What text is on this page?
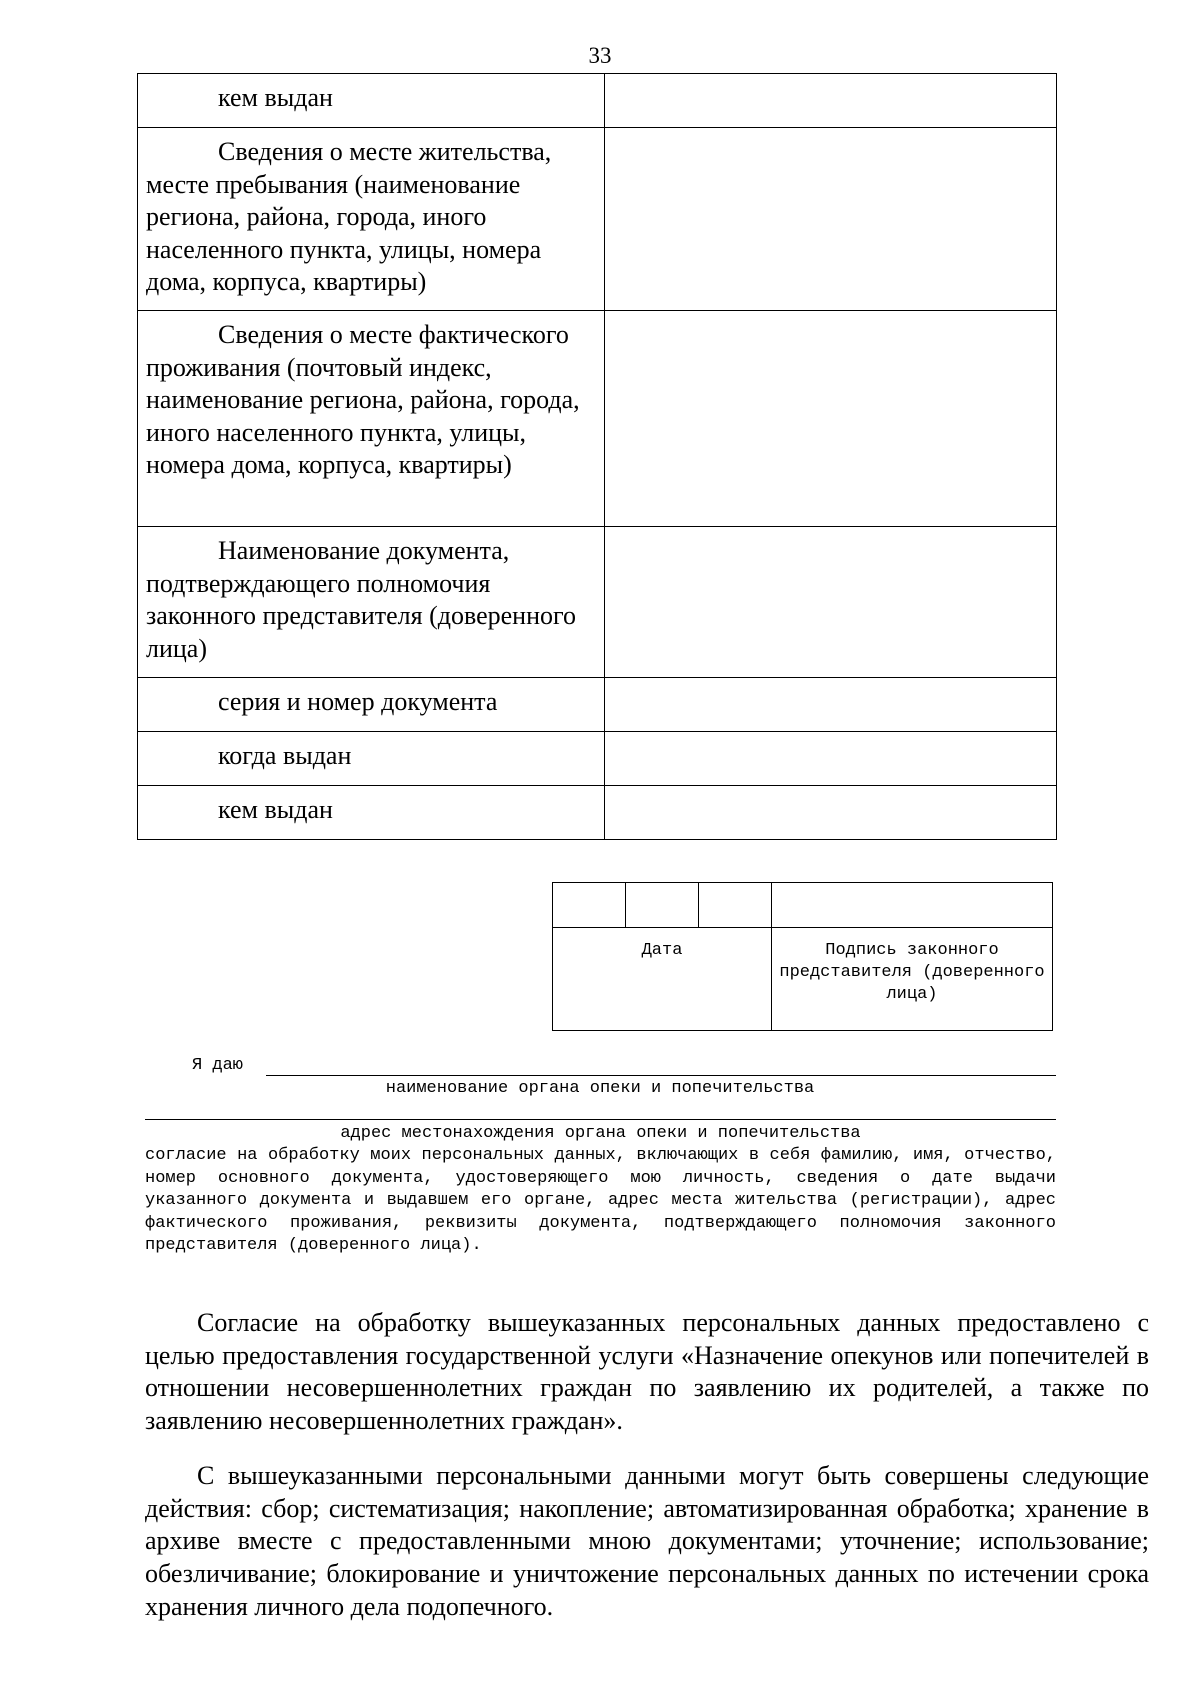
33
кем выдан	
Сведения о месте жительства, месте пребывания (наименование региона, района, города, иного населенного пункта, улицы, номера дома, корпуса, квартиры)	
Сведения о месте фактического проживания (почтовый индекс, наименование региона, района, города, иного населенного пункта, улицы, номера дома, корпуса, квартиры)	
Наименование документа, подтверждающего полномочия законного представителя (доверенного лица)	
серия и номер документа	
когда выдан	
кем выдан	

Дата			Подпись законного представителя (доверенного лица)
Я даю
наименование органа опеки и попечительства
адрес местонахождения органа опеки и попечительства
согласие на обработку моих персональных данных, включающих в себя фамилию, имя, отчество, номер основного документа, удостоверяющего мою личность, сведения о дате выдачи указанного документа и выдавшем его органе, адрес места жительства (регистрации), адрес фактического проживания, реквизиты документа, подтверждающего полномочия законного представителя (доверенного лица).

Согласие на обработку вышеуказанных персональных данных предоставлено с целью предоставления государственной услуги «Назначение опекунов или попечителей в отношении несовершеннолетних граждан по заявлению их родителей, а также по заявлению несовершеннолетних граждан».

С вышеуказанными персональными данными могут быть совершены следующие действия: сбор; систематизация; накопление; автоматизированная обработка; хранение в архиве вместе с предоставленными мною документами; уточнение; использование; обезличивание; блокирование и уничтожение персональных данных по истечении срока хранения личного дела подопечного.
